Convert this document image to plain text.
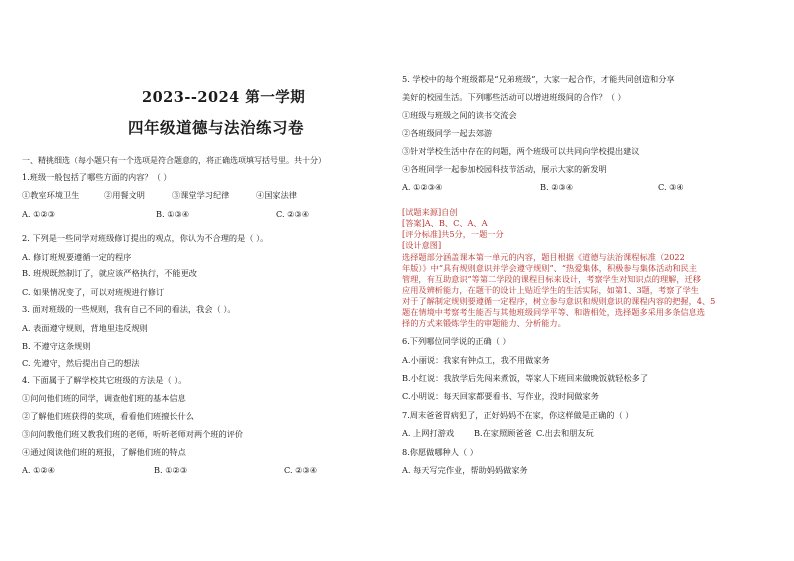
2023--2024 第一学期
四年级道德与法治练习卷
一、精挑细选（每小题只有一个选项是符合题意的，将正确选项填写括号里。共十分）
1.班级一般包括了哪些方面的内容？（ ）
①教室环境卫生	②用餐文明	③课堂学习纪律	④国家法律
A. ①②③	B. ①③④	C. ②③④
2. 下列是一些同学对班级修订提出的观点，你认为不合理的是（ ）。
A. 修订班规要遵循一定的程序
B. 班规既然制订了，就应该严格执行，不能更改
C. 如果情况变了，可以对班规进行修订
3. 面对班级的一些规则，我有自己不同的看法，我会（ ）。
A. 表面遵守规则，背地里违反规则
B. 不遵守这条规则
C. 先遵守，然后提出自己的想法
4. 下面属于了解学校其它班级的方法是（ ）。
①问问他们班的同学，调查他们班的基本信息
②了解他们班获得的奖项，看看他们班擅长什么
③问问教他们班又教我们班的老师，听听老师对两个班的评价
④通过阅读他们班的班报，了解他们班的特点
A. ①②④	B. ①②③	C. ②③④
5. 学校中的每个班级都是“兄弟班级”，大家一起合作，才能共同创造和分享
美好的校园生活。下列哪些活动可以增进班级间的合作？（ ）
①班级与班级之间的读书交流会
②各班级同学一起去郊游
③针对学校生活中存在的问题，两个班级可以共同向学校提出建议
④各班同学一起参加校园科技节活动，展示大家的新发明
A. ①②③④	B. ②③④	C. ③④
[试题来源]自创
[答案]A、B、C、A、A
[评分标准]共5分，一题一分
[设计意图]
选择题部分涵盖课本第一单元的内容，题目根据《道德与法治课程标准（2022
年版）》中“具有规则意识并学会遵守规则”、“热爱集体，积极参与集体活动和民主
管理，有互助意识”等第二学段的课程目标来设计，考察学生对知识点的理解，迁移
应用及辨析能力，在题干的设计上贴近学生的生活实际，如第1、3题，考察了学生
对于了解制定规则要遵循一定程序，树立参与意识和规则意识的课程内容的把握，4、5
题在情境中考察考生能否与其他班级同学平等、和谐相处，选择题多采用多条信息选
择的方式来锻炼学生的审题能力、分析能力。
6.下列哪位同学说的正确（ ）
A.小丽说：我家有钟点工，我不用做家务
B.小红说：我放学后先闯来煮饭，等家人下班回来做晚饭就轻松多了
C.小明说：每天回家都要看书、写作业，没时间做家务
7.周末爸爸胃病犯了，正好妈妈不在家，你这样做是正确的（ ）
A. 上网打游戏 B.在家照顾爸爸 C.出去和朋友玩
8.你愿做哪种人（ ）
A. 每天写完作业，帮助妈妈做家务
